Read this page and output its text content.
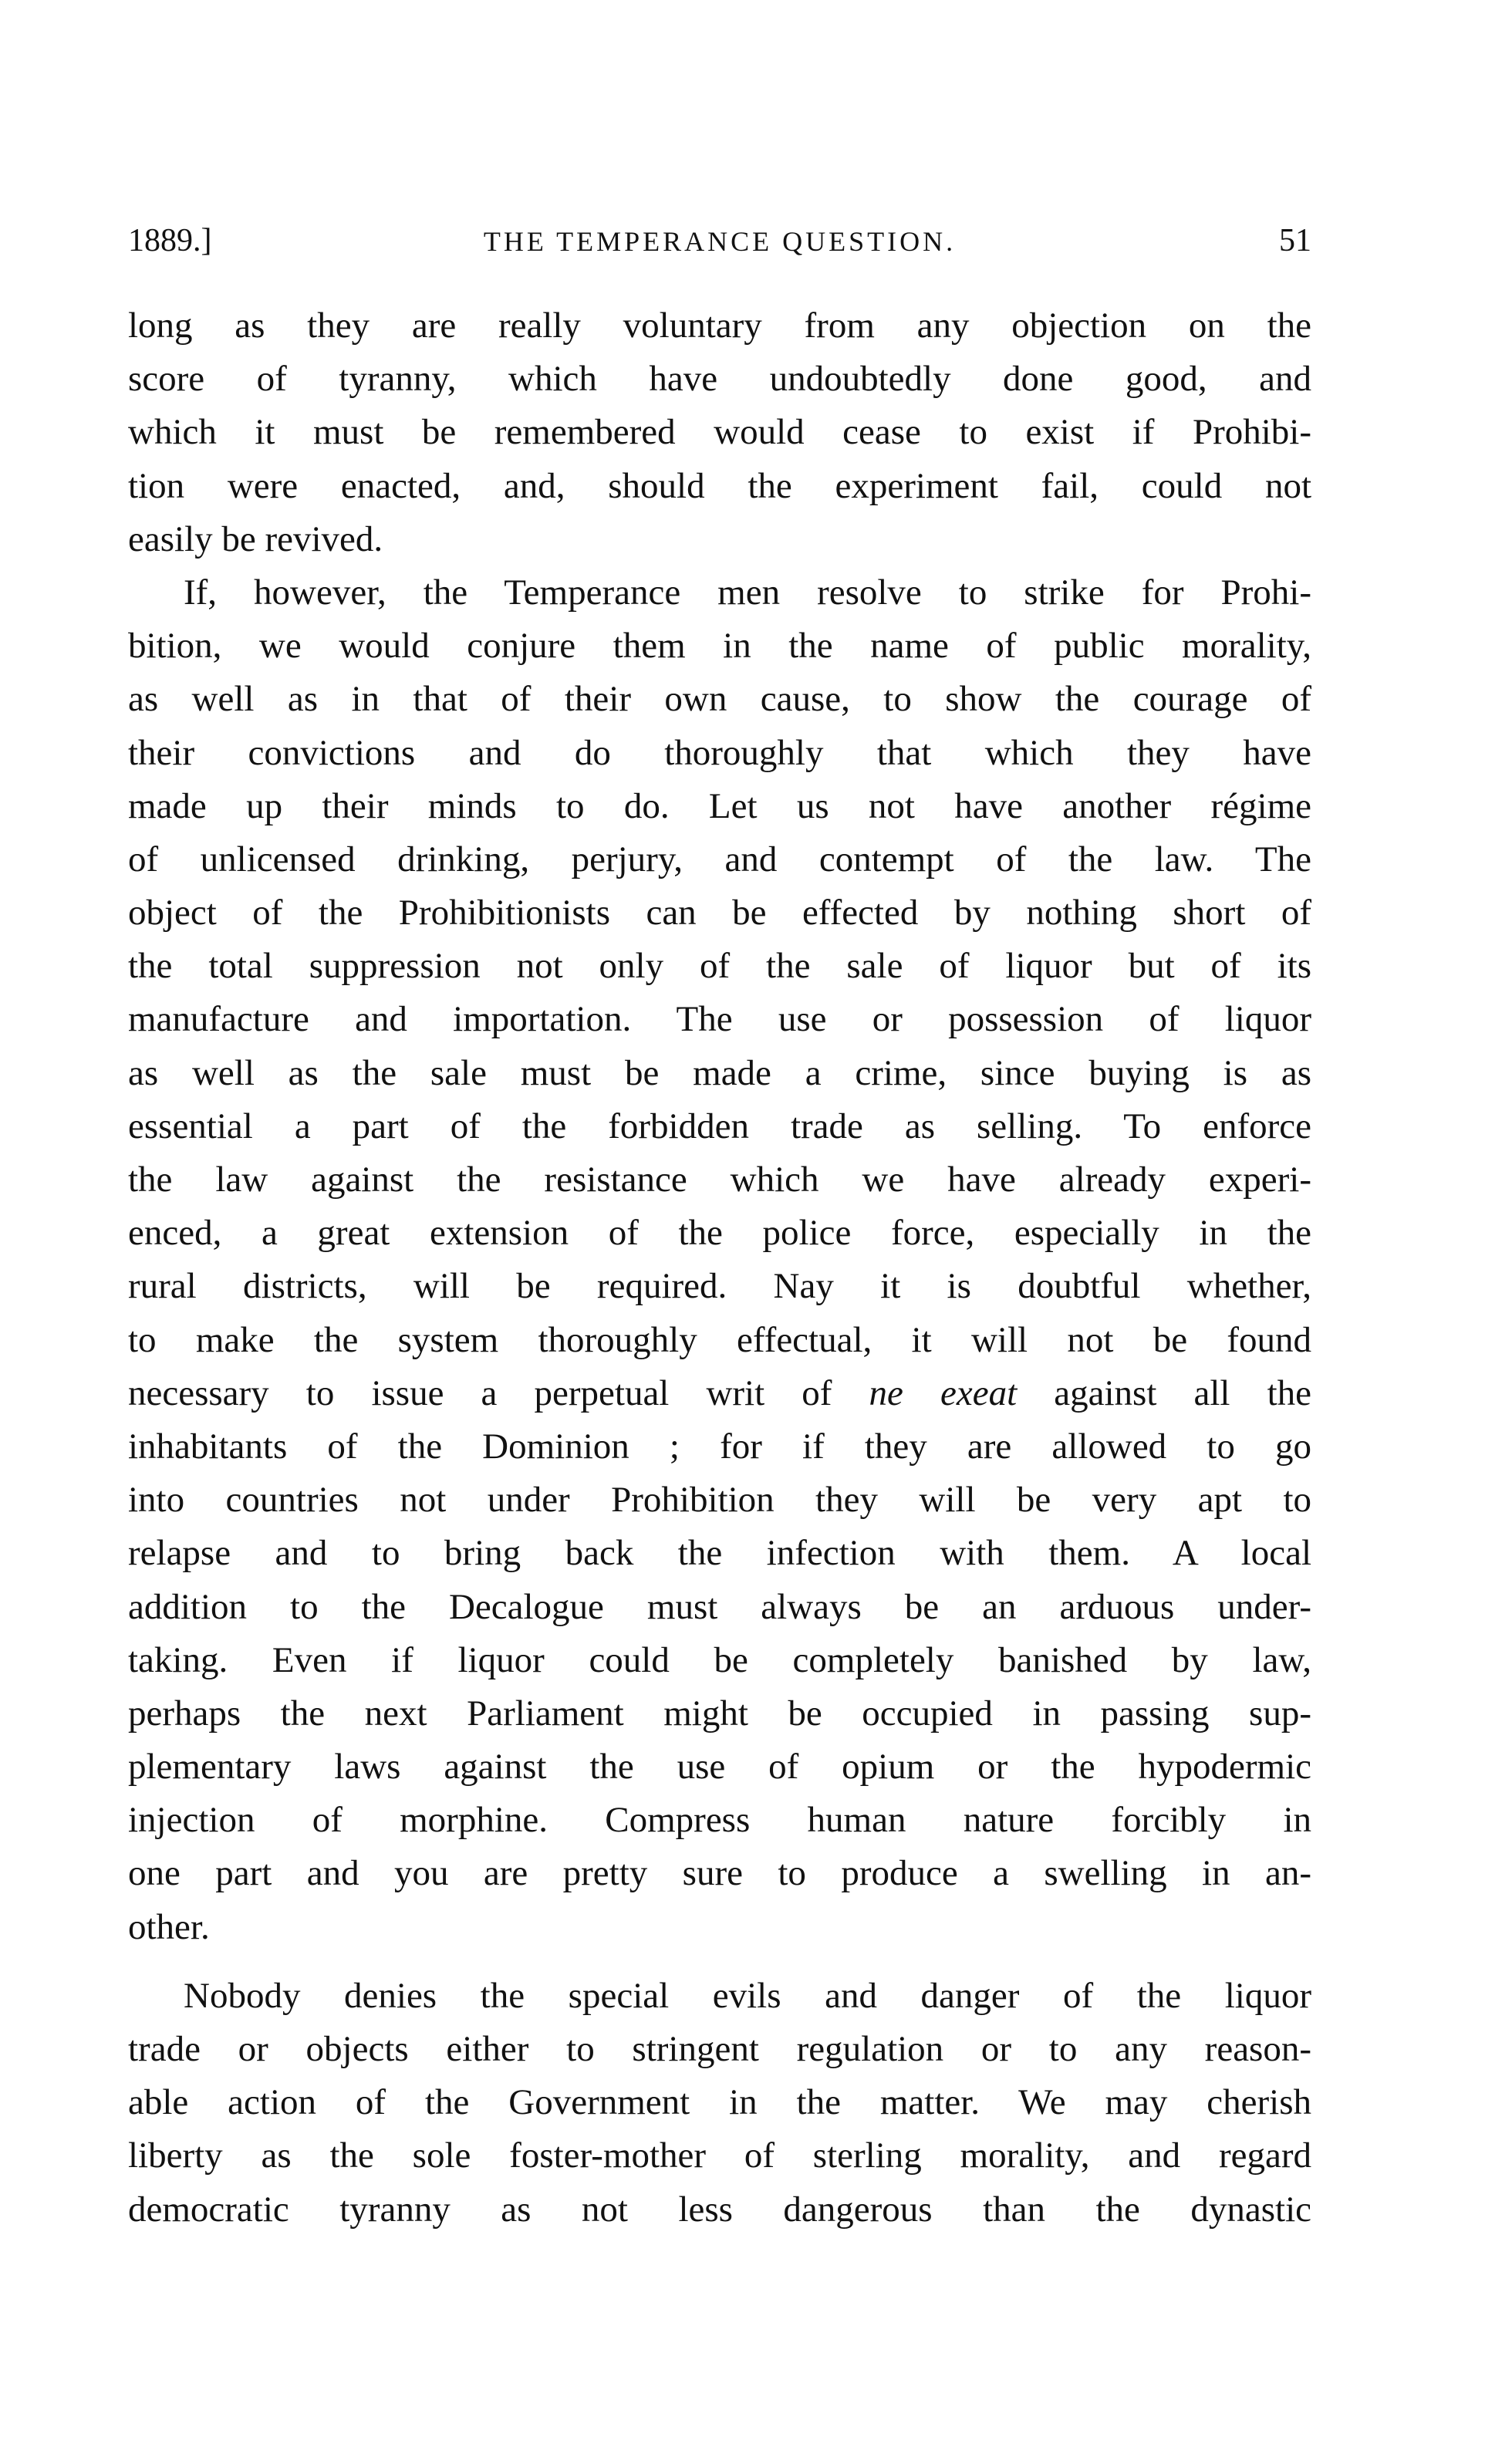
1889.]	THE TEMPERANCE QUESTION.	51
long as they are really voluntary from any objection on the
score of tyranny, which have undoubtedly done good, and
which it must be remembered would cease to exist if Prohibi-
tion were enacted, and, should the experiment fail, could not
easily be revived.
If, however, the Temperance men resolve to strike for Prohi-
bition, we would conjure them in the name of public morality,
as well as in that of their own cause, to show the courage of
their convictions and do thoroughly that which they have
made up their minds to do. Let us not have another régime
of unlicensed drinking, perjury, and contempt of the law. The
object of the Prohibitionists can be effected by nothing short of
the total suppression not only of the sale of liquor but of its
manufacture and importation. The use or possession of liquor
as well as the sale must be made a crime, since buying is as
essential a part of the forbidden trade as selling. To enforce
the law against the resistance which we have already experi-
enced, a great extension of the police force, especially in the
rural districts, will be required. Nay it is doubtful whether,
to make the system thoroughly effectual, it will not be found
necessary to issue a perpetual writ of ne exeat against all the
inhabitants of the Dominion ; for if they are allowed to go
into countries not under Prohibition they will be very apt to
relapse and to bring back the infection with them. A local
addition to the Decalogue must always be an arduous under-
taking. Even if liquor could be completely banished by law,
perhaps the next Parliament might be occupied in passing sup-
plementary laws against the use of opium or the hypodermic
injection of morphine. Compress human nature forcibly in
one part and you are pretty sure to produce a swelling in an-
other.
Nobody denies the special evils and danger of the liquor
trade or objects either to stringent regulation or to any reason-
able action of the Government in the matter. We may cherish
liberty as the sole foster-mother of sterling morality, and regard
democratic tyranny as not less dangerous than the dynastic
